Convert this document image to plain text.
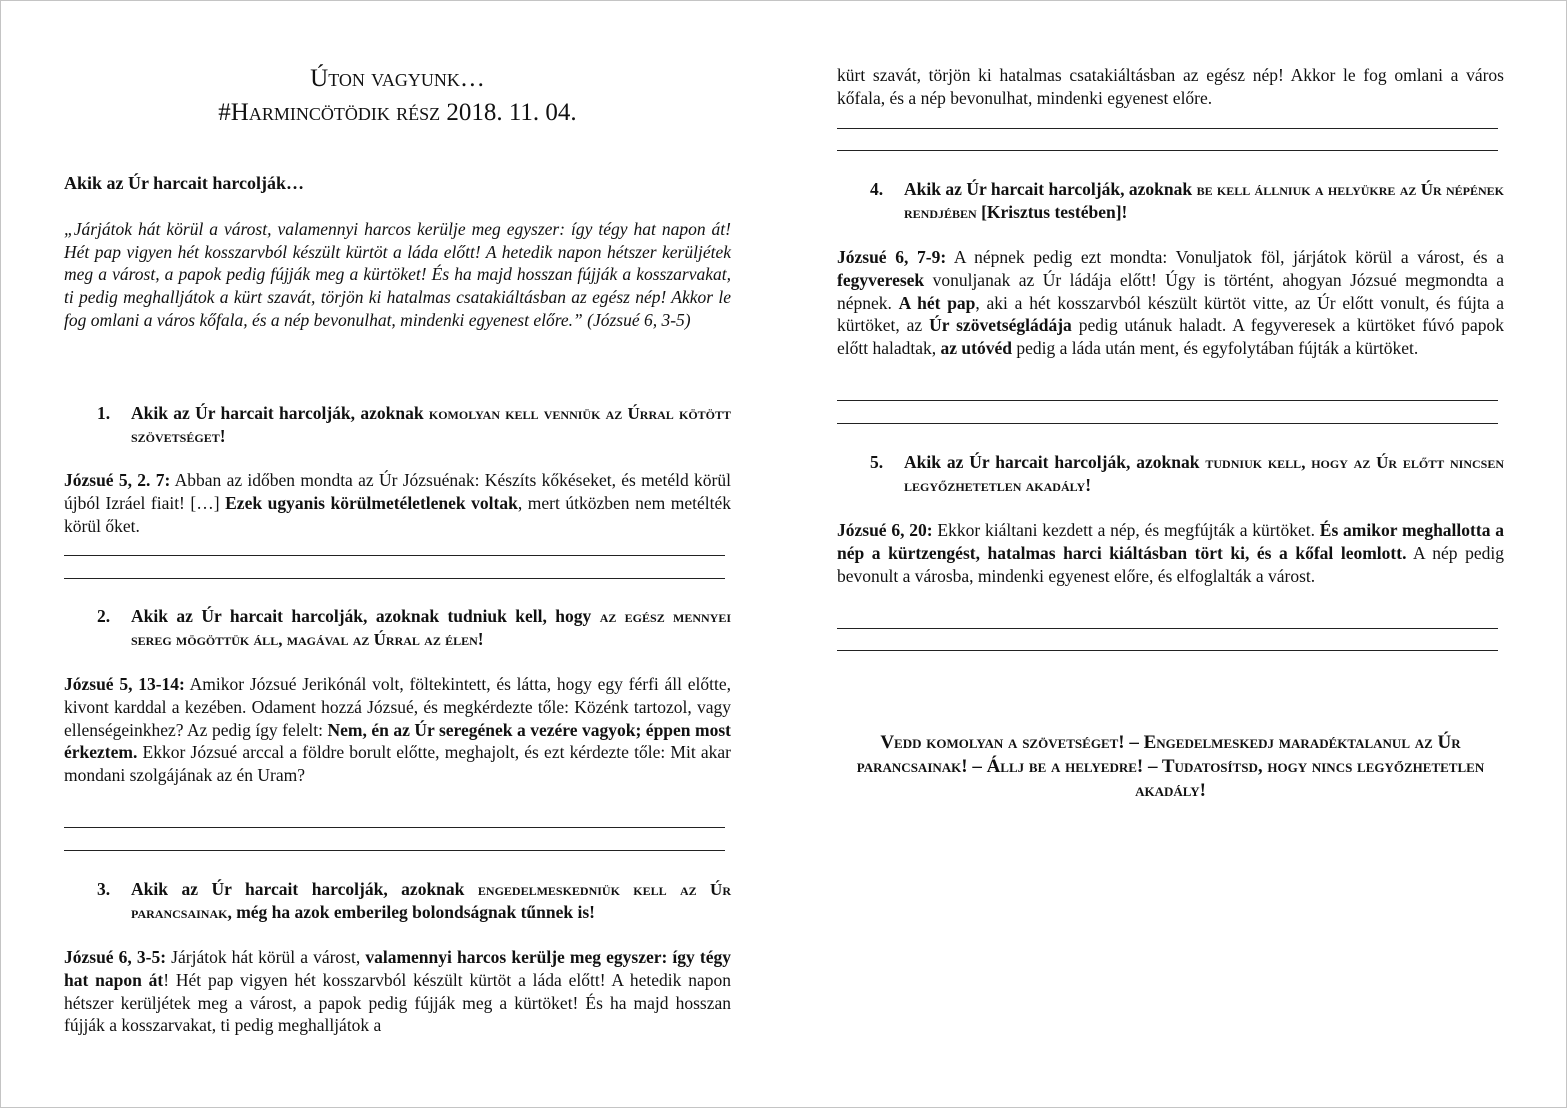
Úton vagyunk…
#Harmincötödik rész 2018. 11. 04.
Akik az Úr harcait harcolják…
„Járjátok hát körül a várost, valamennyi harcos kerülje meg egyszer: így tégy hat napon át! Hét pap vigyen hét kosszarvból készült kürtöt a láda előtt! A hetedik napon hétszer kerüljétek meg a várost, a papok pedig fújják meg a kürtöket! És ha majd hosszan fújják a kosszarvakat, ti pedig meghalljátok a kürt szavát, törjön ki hatalmas csatakiáltásban az egész nép! Akkor le fog omlani a város kőfala, és a nép bevonulhat, mindenki egyenest előre.” (Józsué 6, 3-5)
1. Akik az Úr harcait harcolják, azoknak komolyan kell venniük az Úrral kötött szövetséget!
Józsué 5, 2. 7: Abban az időben mondta az Úr Józsuénak: Készíts kőkéseket, és metéld körül újból Izráel fiait! […] Ezek ugyanis körülmetéletlenek voltak, mert útközben nem metélték körül őket.
2. Akik az Úr harcait harcolják, azoknak tudniuk kell, hogy az egész mennyei sereg mögöttük áll, magával az Úrral az élen!
Józsué 5, 13-14: Amikor Józsué Jerikónál volt, föltekintett, és látta, hogy egy férfi áll előtte, kivont karddal a kezében. Odament hozzá Józsué, és megkérdezte tőle: Közénk tartozol, vagy ellenségeinkhez? Az pedig így felelt: Nem, én az Úr seregének a vezére vagyok; éppen most érkeztem. Ekkor Józsué arccal a földre borult előtte, meghajolt, és ezt kérdezte tőle: Mit akar mondani szolgájának az én Uram?
3. Akik az Úr harcait harcolják, azoknak engedelmeskedniük kell az Úr parancsainak, még ha azok emberileg bolondságnak tűnnek is!
Józsué 6, 3-5: Járjátok hát körül a várost, valamennyi harcos kerülje meg egyszer: így tégy hat napon át! Hét pap vigyen hét kosszarvból készült kürtöt a láda előtt! A hetedik napon hétszer kerüljétek meg a várost, a papok pedig fújják meg a kürtöket! És ha majd hosszan fújják a kosszarvakat, ti pedig meghalljátok a
kürt szavát, törjön ki hatalmas csatakiáltásban az egész nép! Akkor le fog omlani a város kőfala, és a nép bevonulhat, mindenki egyenest előre.
4. Akik az Úr harcait harcolják, azoknak be kell állniuk a helyükre az Úr népének rendjében [Krisztus testében]!
Józsué 6, 7-9: A népnek pedig ezt mondta: Vonuljatok föl, járjátok körül a várost, és a fegyveresek vonuljanak az Úr ládája előtt! Úgy is történt, ahogyan Józsué megmondta a népnek. A hét pap, aki a hét kosszarvból készült kürtöt vitte, az Úr előtt vonult, és fújta a kürtöket, az Úr szövetségládája pedig utánuk haladt. A fegyveresek a kürtöket fúvó papok előtt haladtak, az utóvéd pedig a láda után ment, és egyfolytában fújták a kürtöket.
5. Akik az Úr harcait harcolják, azoknak tudniuk kell, hogy az Úr előtt nincsen legyőzhetetlen akadály!
Józsué 6, 20: Ekkor kiáltani kezdett a nép, és megfújták a kürtöket. És amikor meghallotta a nép a kürtzengést, hatalmas harci kiáltásban tört ki, és a kőfal leomlott. A nép pedig bevonult a városba, mindenki egyenest előre, és elfoglalták a várost.
Vedd komolyan a szövetséget! – Engedelmeskedj maradéktalanul az Úr parancsainak! – Állj be a helyedre! – Tudatosítsd, hogy nincs legyőzhetetlen akadály!
